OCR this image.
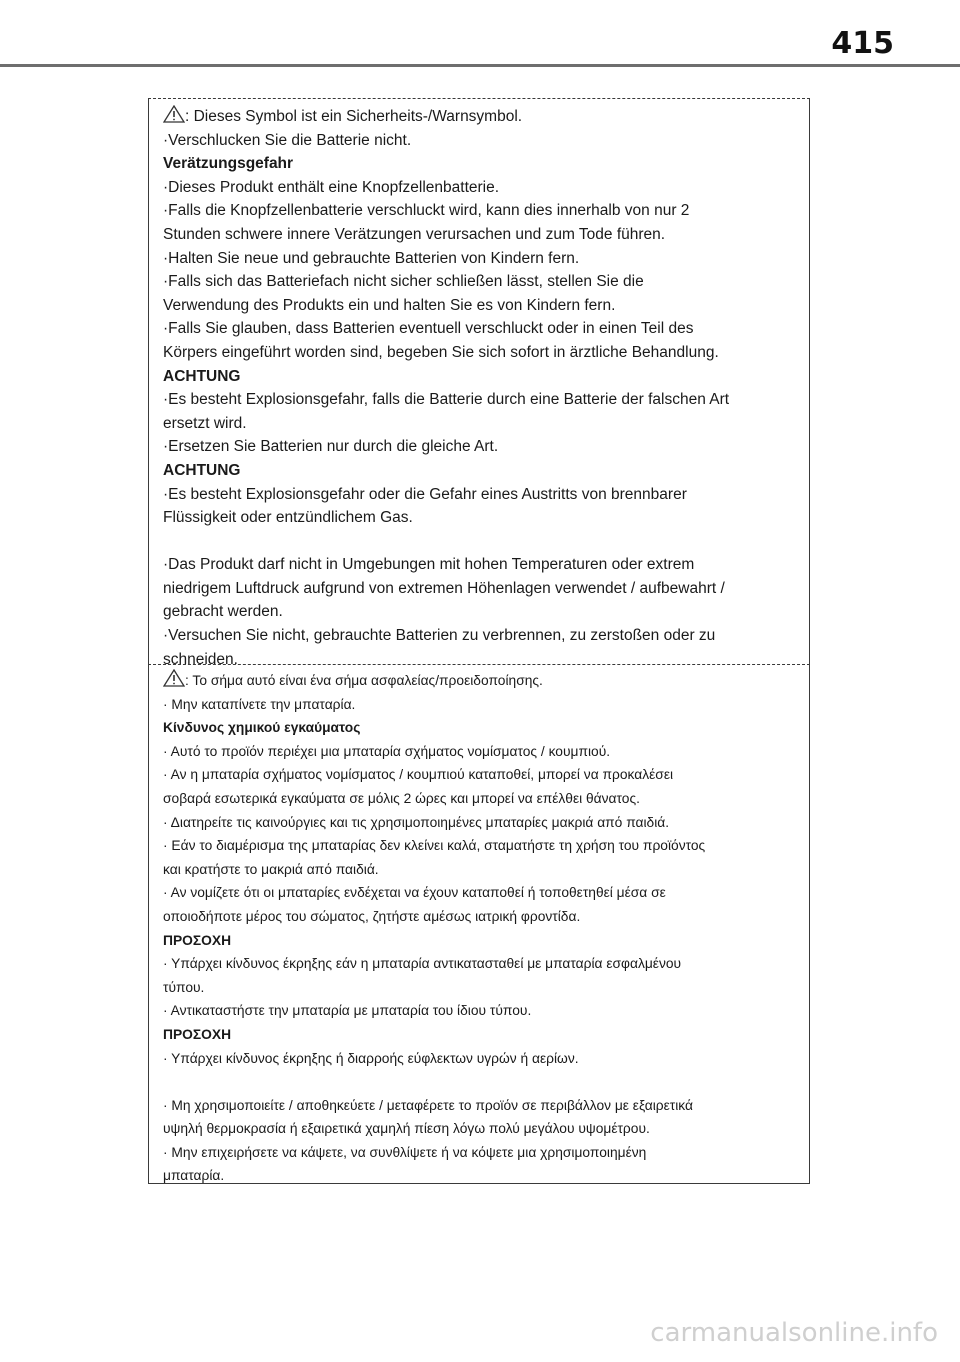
415
: Dieses Symbol ist ein Sicherheits-/Warnsymbol.
·Verschlucken Sie die Batterie nicht.
Verätzungsgefahr
·Dieses Produkt enthält eine Knopfzellenbatterie.
·Falls die Knopfzellenbatterie verschluckt wird, kann dies innerhalb von nur 2
Stunden schwere innere Verätzungen verursachen und zum Tode führen.
·Halten Sie neue und gebrauchte Batterien von Kindern fern.
·Falls sich das Batteriefach nicht sicher schließen lässt, stellen Sie die
Verwendung des Produkts ein und halten Sie es von Kindern fern.
·Falls Sie glauben, dass Batterien eventuell verschluckt oder in einen Teil des
Körpers eingeführt worden sind, begeben Sie sich sofort in ärztliche Behandlung.
ACHTUNG
·Es besteht Explosionsgefahr, falls die Batterie durch eine Batterie der falschen Art
ersetzt wird.
·Ersetzen Sie Batterien nur durch die gleiche Art.
ACHTUNG
·Es besteht Explosionsgefahr oder die Gefahr eines Austritts von brennbarer
Flüssigkeit oder entzündlichem Gas.
·Das Produkt darf nicht in Umgebungen mit hohen Temperaturen oder extrem
niedrigem Luftdruck aufgrund von extremen Höhenlagen verwendet / aufbewahrt /
gebracht werden.
·Versuchen Sie nicht, gebrauchte Batterien zu verbrennen, zu zerstoßen oder zu
schneiden.
: Το σήμα αυτό είναι ένα σήμα ασφαλείας/προειδοποίησης.
· Μην καταπίνετε την μπαταρία.
Κίνδυνος χημικού εγκαύματος
· Αυτό το προϊόν περιέχει μια μπαταρία σχήματος νομίσματος / κουμπιού.
· Αν η μπαταρία σχήματος νομίσματος / κουμπιού καταποθεί, μπορεί να προκαλέσει
σοβαρά εσωτερικά εγκαύματα σε μόλις 2 ώρες και μπορεί να επέλθει θάνατος.
· Διατηρείτε τις καινούργιες και τις χρησιμοποιημένες μπαταρίες μακριά από παιδιά.
· Εάν το διαμέρισμα της μπαταρίας δεν κλείνει καλά, σταματήστε τη χρήση του προϊόντος
και κρατήστε το μακριά από παιδιά.
· Αν νομίζετε ότι οι μπαταρίες ενδέχεται να έχουν καταποθεί ή τοποθετηθεί μέσα σε
οποιοδήποτε μέρος του σώματος, ζητήστε αμέσως ιατρική φροντίδα.
ΠΡΟΣΟΧΗ
· Υπάρχει κίνδυνος έκρηξης εάν η μπαταρία αντικατασταθεί με μπαταρία εσφαλμένου
τύπου.
· Αντικαταστήστε την μπαταρία με μπαταρία του ίδιου τύπου.
ΠΡΟΣΟΧΗ
· Υπάρχει κίνδυνος έκρηξης ή διαρροής εύφλεκτων υγρών ή αερίων.
· Μη χρησιμοποιείτε / αποθηκεύετε / μεταφέρετε το προϊόν σε περιβάλλον με εξαιρετικά
υψηλή θερμοκρασία ή εξαιρετικά χαμηλή πίεση λόγω πολύ μεγάλου υψομέτρου.
· Μην επιχειρήσετε να κάψετε, να συνθλίψετε ή να κόψετε μια χρησιμοποιημένη
μπαταρία.
carmanualsonline.info
